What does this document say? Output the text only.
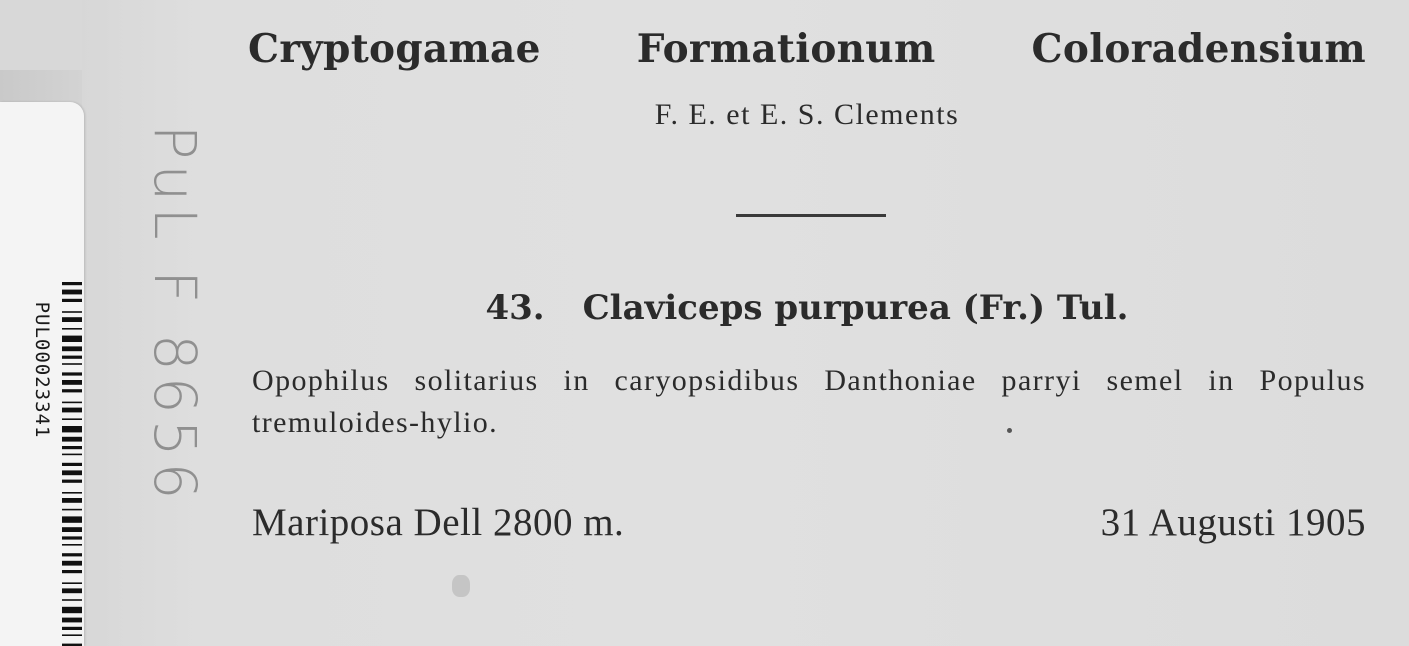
PUL00023341 PuL F 8656
Cryptogamae Formationum Coloradensium
F. E. et E. S. Clements
43. Claviceps purpurea (Fr.) Tul.
Opophilus solitarius in caryopsidibus Danthoniae parryi semel in Populus tremuloides-hylio.
Mariposa Dell 2800 m.	31 Augusti 1905
